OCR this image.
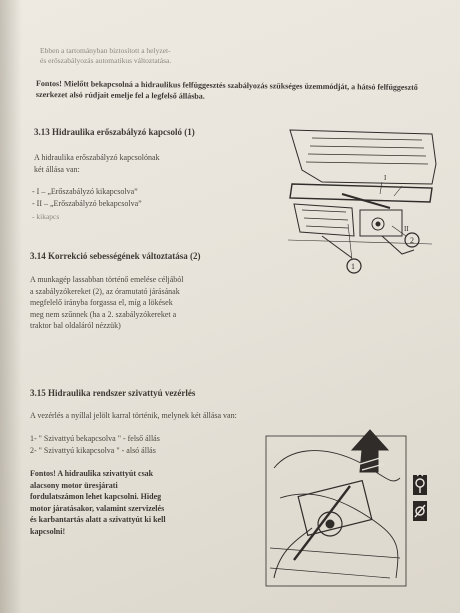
Ebben a tartományban biztosított a helyzet-
és erőszabályozás automatikus változtatása.
Fontos! Mielőtt bekapcsolná a hidraulikus felfüggesztés szabályozás szükséges üzemmódját, a hátsó felfüggesztő szerkezet alsó rúdjait emelje fel a legfelső állásba.
3.13 Hidraulika erőszabályzó kapcsoló (1)
A hidraulika erőszabályzó kapcsolónak
két állása van:
- I – „Erőszabályzó kikapcsolva”
- II – „Erőszabályzó bekapcsolva”
- kikapcs
1
2
I
II
3.14 Korrekció sebességének változtatása (2)
A munkagép lassabban történő emelése céljából
a szabályzókereket (2), az óramutató járásának
megfelelő irányba forgassa el, míg a lökések
meg nem szűnnek (ha a 2. szabályzókereket a
traktor bal oldaláról nézzük)
3.15 Hidraulika rendszer szivattyú vezérlés
A vezérlés a nyíllal jelölt karral történik, melynek két állása van:
1- " Szivattyú bekapcsolva " - felső állás
2- " Szivattyú kikapcsolva " - alsó állás
Fontos! A hidraulika szivattyút csak
alacsony motor üresjárati
fordulatszámon lehet kapcsolni. Hideg
motor járatásakor, valamint szervizelés
és karbantartás alatt a szivattyút ki kell
kapcsolni!
